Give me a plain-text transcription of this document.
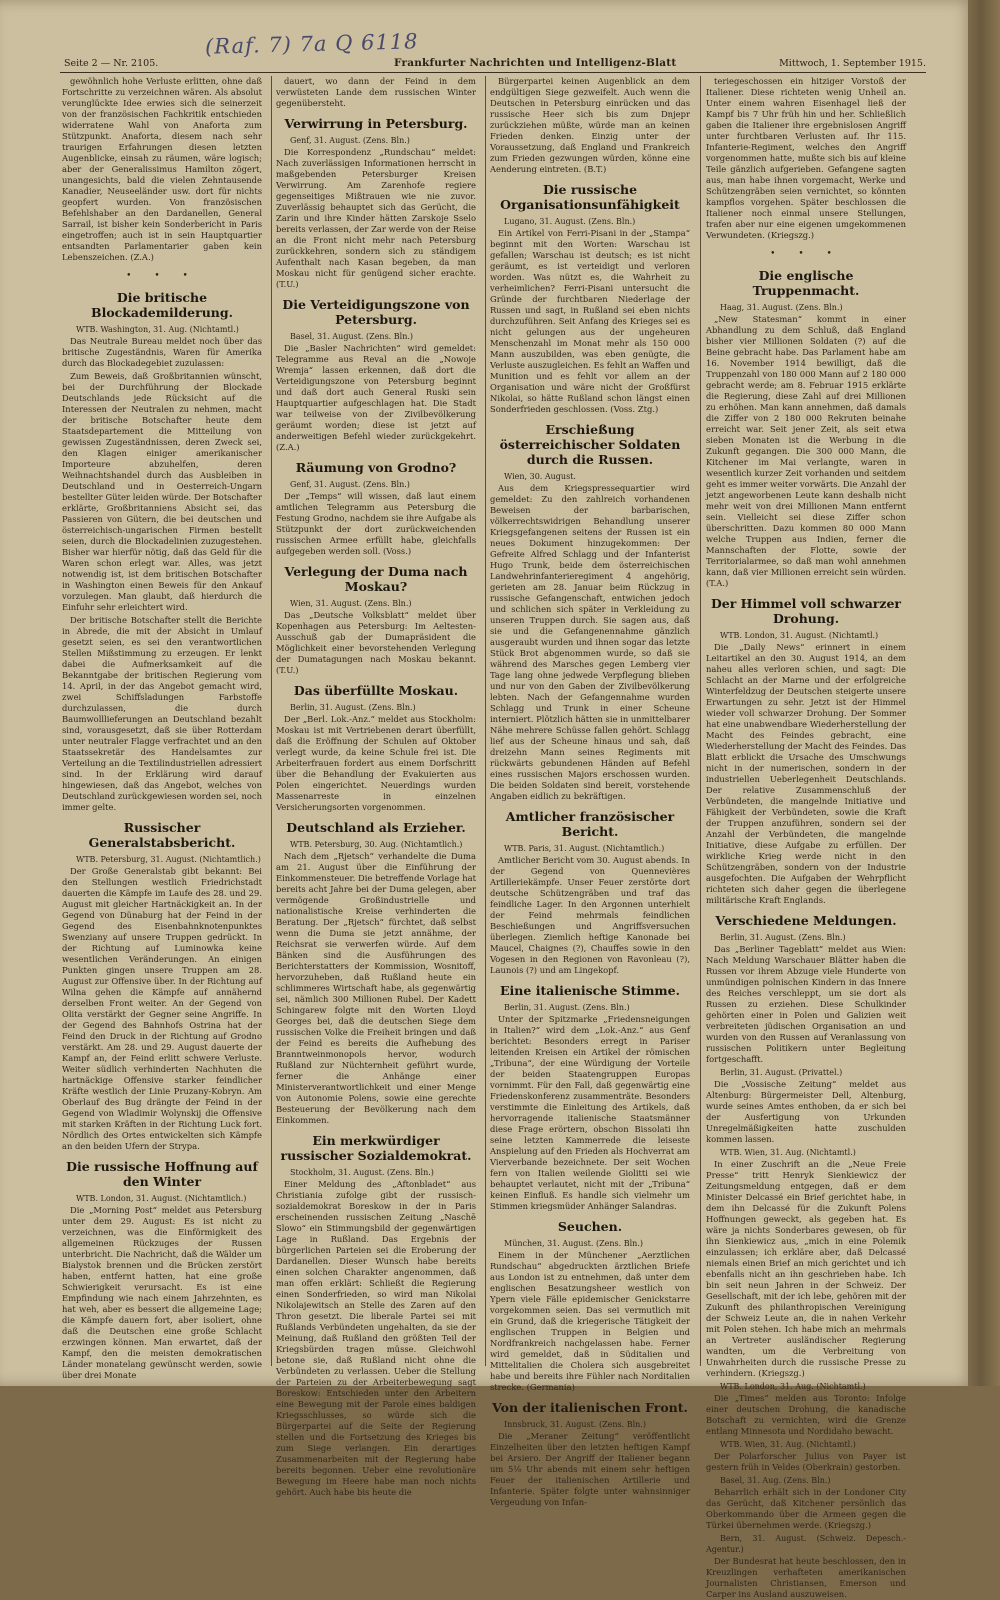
(Raf. 7) 7a Q 6118
Seite 2 — Nr. 2105.	Frankfurter Nachrichten und Intelligenz-Blatt	Mittwoch, 1. September 1915.

gewöhnlich hohe Verluste erlitten, ohne daß Fortschritte zu verzeichnen wären. Als absolut verunglückte Idee erwies sich die seinerzeit von der französischen Fachkritik entschieden widerratene Wahl von Anaforta zum Stützpunkt. Anaforta, diesem nach sehr traurigen Erfahrungen diesen letzten Augenblicke, einsah zu räumen, wäre logisch; aber der Generalissimus Hamilton zögert, unangesichts, bald die vielen Zehntausende Kanadier, Neuseeländer usw. dort für nichts geopfert wurden. Von französischen Befehlshaber an den Dardanellen, General Sarrail, ist bisher kein Sonderbericht in Paris eingetroffen; auch ist in sein Hauptquartier entsandten Parlamentarier gaben kein Lebenszeichen. (Z.A.)

• • •
Die britische Blockademilderung.

WTB. Washington, 31. Aug. (Nichtamtl.)

Das Neutrale Bureau meldet noch über das britische Zugeständnis, Waren für Amerika durch das Blockadegebiet zuzulassen:

Zum Beweis, daß Großbritannien wünscht, bei der Durchführung der Blockade Deutschlands jede Rücksicht auf die Interessen der Neutralen zu nehmen, macht der britische Botschafter heute dem Staatsdepartement die Mitteilung von gewissen Zugeständnissen, deren Zweck sei, den Klagen einiger amerikanischer Importeure abzuhelfen, deren Weihnachtshandel durch das Ausbleiben in Deutschland und in Oesterreich-Ungarn bestellter Güter leiden würde. Der Botschafter erklärte, Großbritanniens Absicht sei, das Passieren von Gütern, die bei deutschen und österreichisch-ungarischen Firmen bestellt seien, durch die Blockadelinien zuzugestehen. Bisher war hierfür nötig, daß das Geld für die Waren schon erlegt war. Alles, was jetzt notwendig ist, ist dem britischen Botschafter in Washington einen Beweis für den Ankauf vorzulegen. Man glaubt, daß hierdurch die Einfuhr sehr erleichtert wird.

Der britische Botschafter stellt die Berichte in Abrede, die mit der Absicht in Umlauf gesetzt seien, es sei den verantwortlichen Stellen Mißstimmung zu erzeugen. Er lenkt dabei die Aufmerksamkeit auf die Bekanntgabe der britischen Regierung vom 14. April, in der das Angebot gemacht wird, zwei Schiffsladungen Farbstoffe durchzulassen, die durch Baumwolllieferungen an Deutschland bezahlt sind, vorausgesetzt, daß sie über Rotterdam unter neutraler Flagge verfrachtet und an den Staatssekretär des Handelsamtes zur Verteilung an die Textilindustriellen adressiert sind. In der Erklärung wird darauf hingewiesen, daß das Angebot, welches von Deutschland zurückgewiesen worden sei, noch immer gelte.

Russischer Generalstabsbericht.

WTB. Petersburg, 31. August. (Nichtamtlich.)

Der Große Generalstab gibt bekannt: Bei den Stellungen westlich Friedrichstadt dauerten die Kämpfe im Laufe des 28. und 29. August mit gleicher Hartnäckigkeit an. In der Gegend von Dünaburg hat der Feind in der Gegend des Eisenbahnknotenpunktes Swenziany auf unsere Truppen gedrückt. In der Richtung auf Luminowka keine wesentlichen Veränderungen. An einigen Punkten gingen unsere Truppen am 28. August zur Offensive über. In der Richtung auf Wilna gehen die Kämpfe auf annähernd derselben Front weiter. An der Gegend von Olita verstärkt der Gegner seine Angriffe. In der Gegend des Bahnhofs Ostrina hat der Feind den Druck in der Richtung auf Grodno verstärkt. Am 28. und 29. August dauerte der Kampf an, der Feind erlitt schwere Verluste. Weiter südlich verhinderten Nachhuten die hartnäckige Offensive starker feindlicher Kräfte westlich der Linie Pruzany-Kobryn. Am Oberlauf des Bug drängte der Feind in der Gegend von Wladimir Wolynskij die Offensive mit starken Kräften in der Richtung Luck fort. Nördlich des Ortes entwickelten sich Kämpfe an den beiden Ufern der Strypa.

Die russische Hoffnung auf den Winter

WTB. London, 31. August. (Nichtamtlich.)

Die „Morning Post“ meldet aus Petersburg unter dem 29. August: Es ist nicht zu verzeichnen, was die Einförmigkeit des allgemeinen Rückzuges der Russen unterbricht. Die Nachricht, daß die Wälder um Bialystok brennen und die Brücken zerstört haben, entfernt hatten, hat eine große Schwierigkeit verursacht. Es ist eine Empfindung wie nach einem Jahrzehnten, es hat weh, aber es bessert die allgemeine Lage; die Kämpfe dauern fort, aber isoliert, ohne daß die Deutschen eine große Schlacht erzwingen können. Man erwartet, daß der Kampf, den die meisten demokratischen Länder monatelang gewünscht werden, sowie über drei Monate

dauert, wo dann der Feind in dem verwüsteten Lande dem russischen Winter gegenübersteht.

Verwirrung in Petersburg.

Genf, 31. August. (Zens. Bln.)

Die Korrespondenz „Rundschau“ meldet: Nach zuverlässigen Informationen herrscht in maßgebenden Petersburger Kreisen Verwirrung. Am Zarenhofe regiere gegenseitiges Mißtrauen wie nie zuvor. Zuverlässig behauptet sich das Gerücht, die Zarin und ihre Kinder hätten Zarskoje Sselo bereits verlassen, der Zar werde von der Reise an die Front nicht mehr nach Petersburg zurückkehren, sondern sich zu ständigem Aufenthalt nach Kasan begeben, da man Moskau nicht für genügend sicher erachte. (T.U.)

Die Verteidigungszone von Petersburg.

Basel, 31. August. (Zens. Bln.)

Die „Basler Nachrichten“ wird gemeldet: Telegramme aus Reval an die „Nowoje Wremja“ lassen erkennen, daß dort die Verteidigungszone von Petersburg beginnt und daß dort auch General Ruski sein Hauptquartier aufgeschlagen hat. Die Stadt war teilweise von der Zivilbevölkerung geräumt worden; diese ist jetzt auf anderweitigen Befehl wieder zurückgekehrt. (Z.A.)

Räumung von Grodno?

Genf, 31. August. (Zens. Bln.)

Der „Temps“ will wissen, daß laut einem amtlichen Telegramm aus Petersburg die Festung Grodno, nachdem sie ihre Aufgabe als Stützpunkt der dort zurückweichenden russischen Armee erfüllt habe, gleichfalls aufgegeben werden soll. (Voss.)

Verlegung der Duma nach Moskau?

Wien, 31. August. (Zens. Bln.)

Das „Deutsche Volksblatt“ meldet über Kopenhagen aus Petersburg: Im Aeltesten-Ausschuß gab der Dumapräsident die Möglichkeit einer bevorstehenden Verlegung der Dumatagungen nach Moskau bekannt. (T.U.)

Das überfüllte Moskau.

Berlin, 31. August. (Zens. Bln.)

Der „Berl. Lok.-Anz.“ meldet aus Stockholm: Moskau ist mit Vertriebenen derart überfüllt, daß die Eröffnung der Schulen auf Oktober verlegt wurde, da keine Schule frei ist. Die Arbeiterfrauen fordert aus einem Dorfschritt über die Behandlung der Evakuierten aus Polen eingerichtet. Neuerdings wurden Massenarreste in einzelnen Versicherungsorten vorgenommen.

Deutschland als Erzieher.

WTB. Petersburg, 30. Aug. (Nichtamtlich.)

Nach dem „Rjetsch“ verhandelte die Duma am 21. August über die Einführung der Einkommensteuer. Die betreffende Vorlage hat bereits acht Jahre bei der Duma gelegen, aber vermögende Großindustrielle und nationalistische Kreise verhinderten die Beratung. Der „Rjetsch“ fürchtet, daß selbst wenn die Duma sie jetzt annähme, der Reichsrat sie verwerfen würde. Auf dem Bänken sind die Ausführungen des Berichterstatters der Kommission, Wosnitoff, hervorzuheben, daß Rußland heute ein schlimmeres Wirtschaft habe, als gegenwärtig sei, nämlich 300 Millionen Rubel. Der Kadett Schingarew folgte mit den Worten Lloyd Georges bei, daß die deutschen Siege dem russischen Volke die Freiheit bringen und daß der Feind es bereits die Aufhebung des Branntweinmonopols hervor, wodurch Rußland zur Nüchternheit geführt wurde, ferner die Anhänge einer Ministerverantwortlichkeit und einer Menge von Autonomie Polens, sowie eine gerechte Besteuerung der Bevölkerung nach dem Einkommen.

Ein merkwürdiger russischer Sozialdemokrat.

Stockholm, 31. August. (Zens. Bln.)

Einer Meldung des „Aftonbladet“ aus Christiania zufolge gibt der russisch-sozialdemokrat Boreskow in der in Paris erscheinenden russischen Zeitung „Naschē Slowo“ ein Stimmungsbild der gegenwärtigen Lage in Rußland. Das Ergebnis der bürgerlichen Parteien sei die Eroberung der Dardanellen. Dieser Wunsch habe bereits einen solchen Charakter angenommen, daß man offen erklärt: Schließt die Regierung einen Sonderfrieden, so wird man Nikolai Nikolajewitsch an Stelle des Zaren auf den Thron gesetzt. Die liberale Partei sei mit Rußlands Verbündeten ungehalten, da sie der Meinung, daß Rußland den größten Teil der Kriegsbürden tragen müsse. Gleichwohl betone sie, daß Rußland nicht ohne die Verbündeten zu verlassen. Ueber die Stellung der Parteien zu der Arbeiterbewegung sagt Boreskow: Entschieden unter den Arbeitern eine Bewegung mit der Parole eines baldigen Kriegsschlusses, so würde sich die Bürgerpartei auf die Seite der Regierung stellen und die Fortsetzung des Krieges bis zum Siege verlangen. Ein derartiges Zusammenarbeiten mit der Regierung habe bereits begonnen. Ueber eine revolutionäre Bewegung im Heere habe man noch nichts gehört. Auch habe bis heute die

Bürgerpartei keinen Augenblick an dem endgültigen Siege gezweifelt. Auch wenn die Deutschen in Petersburg einrücken und das russische Heer sich bis zum Dnjepr zurückziehen müßte, würde man an keinen Frieden denken. Einzig unter der Voraussetzung, daß England und Frankreich zum Frieden gezwungen würden, könne eine Aenderung eintreten. (B.T.)

Die russische Organisationsunfähigkeit

Lugano, 31. August. (Zens. Bln.)

Ein Artikel von Ferri-Pisani in der „Stampa“ beginnt mit den Worten: Warschau ist gefallen; Warschau ist deutsch; es ist nicht geräumt, es ist verteidigt und verloren worden. Was nützt es, die Wahrheit zu verheimlichen? Ferri-Pisani untersucht die Gründe der furchtbaren Niederlage der Russen und sagt, in Rußland sei eben nichts durchzuführen. Seit Anfang des Krieges sei es nicht gelungen aus der ungeheuren Menschenzahl im Monat mehr als 150 000 Mann auszubilden, was eben genügte, die Verluste auszugleichen. Es fehlt an Waffen und Munition und es fehlt vor allem an der Organisation und wäre nicht der Großfürst Nikolai, so hätte Rußland schon längst einen Sonderfrieden geschlossen. (Voss. Ztg.)

Erschießung österreichischer Soldaten durch die Russen.

Wien, 30. August.

Aus dem Kriegspressequartier wird gemeldet: Zu den zahlreich vorhandenen Beweisen der barbarischen, völkerrechtswidrigen Behandlung unserer Kriegsgefangenen seitens der Russen ist ein neues Dokument hinzugekommen: Der Gefreite Alfred Schlagg und der Infanterist Hugo Trunk, beide dem österreichischen Landwehrinfanterieregiment 4 angehörig, gerieten am 28. Januar beim Rückzug in russische Gefangenschaft, entwichen jedoch und schlichen sich später in Verkleidung zu unseren Truppen durch. Sie sagen aus, daß sie und die Gefangenennahme gänzlich ausgeraubt wurden und ihnen sogar das letzte Stück Brot abgenommen wurde, so daß sie während des Marsches gegen Lemberg vier Tage lang ohne jedwede Verpflegung blieben und nur von den Gaben der Zivilbevölkerung lebten. Nach der Gefangennahme wurden Schlagg und Trunk in einer Scheune interniert. Plötzlich hätten sie in unmittelbarer Nähe mehrere Schüsse fallen gehört. Schlagg lief aus der Scheune hinaus und sah, daß dreizehn Mann seines Regiments mit rückwärts gebundenen Händen auf Befehl eines russischen Majors erschossen wurden. Die beiden Soldaten sind bereit, vorstehende Angaben eidlich zu bekräftigen.

Amtlicher französischer Bericht.

WTB. Paris, 31. August. (Nichtamtlich.)

Amtlicher Bericht vom 30. August abends. In der Gegend von Quennevières Artilleriekämpfe. Unser Feuer zerstörte dort deutsche Schützengräben und traf das feindliche Lager. In den Argonnen unterhielt der Feind mehrmals feindlichen Beschießungen und Angriffsversuchen überlegen. Ziemlich heftige Kanonade bei Maucel, Chaignes (?), Chauffes sowie in den Vogesen in den Regionen von Ravonleau (?), Launois (?) und am Lingekopf.

Eine italienische Stimme.

Berlin, 31. August. (Zens. Bln.)

Unter der Spitzmarke „Friedensneigungen in Italien?“ wird dem „Lok.-Anz.“ aus Genf berichtet: Besonders erregt in Pariser leitenden Kreisen ein Artikel der römischen „Tribuna“, der eine Würdigung der Vorteile der beiden Staatengruppen Europas vornimmt. Für den Fall, daß gegenwärtig eine Friedenskonferenz zusammenträte. Besonders verstimmte die Einleitung des Artikels, daß hervorragende italienische Staatsmänner diese Frage erörtern, obschon Bissolati ihn seine letzten Kammerrede die leiseste Anspielung auf den Frieden als Hochverrat am Vierverbande bezeichnete. Der seit Wochen fern von Italien weilende Giolitti sei wie behauptet verlautet, nicht mit der „Tribuna“ keinen Einfluß. Es handle sich vielmehr um Stimmen kriegsmüder Anhänger Salandras.

Seuchen.

München, 31. August. (Zens. Bln.)

Einem in der Münchener „Aerztlichen Rundschau“ abgedruckten ärztlichen Briefe aus London ist zu entnehmen, daß unter dem englischen Besatzungsheer westlich von Ypern viele Fälle epidemischer Genickstarre vorgekommen seien. Das sei vermutlich mit ein Grund, daß die kriegerische Tätigkeit der englischen Truppen in Belgien und Nordfrankreich nachgelassen habe. Ferner wird gemeldet, daß in Süditalien und Mittelitalien die Cholera sich ausgebreitet habe und bereits ihre Fühler nach Norditalien strecke. (Germania)

Von der italienischen Front.

Innsbruck, 31. August. (Zens. Bln.)

Die „Meraner Zeitung“ veröffentlicht Einzelheiten über den letzten heftigen Kampf bei Arsiero. Der Angriff der Italiener begann um 5⅛ Uhr abends mit einem sehr heftigen Feuer der italienischen Artillerie und Infanterie. Später folgte unter wahnsinniger Vergeudung von Infan-

teriegeschossen ein hitziger Vorstoß der Italiener. Diese richteten wenig Unheil an. Unter einem wahren Eisenhagel ließ der Kampf bis 7 Uhr früh hin und her. Schließlich gaben die Italiener ihre ergebnislosen Angriff unter furchtbaren Verlusten auf. Ihr 115. Infanterie-Regiment, welches den Angriff vorgenommen hatte, mußte sich bis auf kleine Teile gänzlich aufgerieben. Gefangene sagten aus, man habe ihnen vorgemacht, Werke und Schützengräben seien vernichtet, so könnten kampflos vorgehen. Später beschlossen die Italiener noch einmal unsere Stellungen, trafen aber nur eine eigenen umgekommenen Verwundeten. (Kriegszg.)

• • •
Die englische Truppenmacht.

Haag, 31. August. (Zens. Bln.)

„New Statesman“ kommt in einer Abhandlung zu dem Schluß, daß England bisher vier Millionen Soldaten (?) auf die Beine gebracht habe. Das Parlament habe am 16. November 1914 bewilligt, daß die Truppenzahl von 180 000 Mann auf 2 180 000 gebracht werde; am 8. Februar 1915 erklärte die Regierung, diese Zahl auf drei Millionen zu erhöhen. Man kann annehmen, daß damals die Ziffer von 2 180 000 Rekruten beinahe erreicht war. Seit jener Zeit, als seit etwa sieben Monaten ist die Werbung in die Zukunft gegangen. Die 300 000 Mann, die Kitchener im Mai verlangte, waren in wesentlich kurzer Zeit vorhanden und seitdem geht es immer weiter vorwärts. Die Anzahl der jetzt angeworbenen Leute kann deshalb nicht mehr weit von drei Millionen Mann entfernt sein. Vielleicht sei diese Ziffer schon überschritten. Dazu kommen 80 000 Mann welche Truppen aus Indien, ferner die Mannschaften der Flotte, sowie der Territorialarmee, so daß man wohl annehmen kann, daß vier Millionen erreicht sein würden. (T.A.)

Der Himmel voll schwarzer Drohung.

WTB. London, 31. August. (Nichtamtl.)

Die „Daily News“ erinnert in einem Leitartikel an den 30. August 1914, an dem naheu alles verloren schien, und sagt: Die Schlacht an der Marne und der erfolgreiche Winterfeldzug der Deutschen steigerte unsere Erwartungen zu sehr. Jetzt ist der Himmel wieder voll schwarzer Drohung. Der Sommer hat eine unabwendbare Wiederherstellung der Macht des Feindes gebracht, eine Wiederherstellung der Macht des Feindes. Das Blatt erblickt die Ursache des Umschwungs nicht in der numerischen, sondern in der industriellen Ueberlegenheit Deutschlands. Der relative Zusammenschluß der Verbündeten, die mangelnde Initiative und Fähigkeit der Verbündeten, sowie die Kraft der Truppen anzuführen, sondern sei der Anzahl der Verbündeten, die mangelnde Initiative, diese Aufgabe zu erfüllen. Der wirkliche Krieg werde nicht in den Schützengräben, sondern von der Industrie ausgefochten. Die Aufgaben der Wehrpflicht richteten sich daher gegen die überlegene militärische Kraft Englands.

Verschiedene Meldungen.

Berlin, 31. August. (Zens. Bln.)

Das „Berliner Tageblatt“ meldet aus Wien: Nach Meldung Warschauer Blätter haben die Russen vor ihrem Abzuge viele Hunderte von unmündigen polnischen Kindern in das Innere des Reiches verschleppt, um sie dort als Russen zu erziehen. Diese Schulkinder gehörten einer in Polen und Galizien weit verbreiteten jüdischen Organisation an und wurden von den Russen auf Veranlassung von russischen Politikern unter Begleitung fortgeschafft.

Berlin, 31. August. (Privattel.)

Die „Vossische Zeitung“ meldet aus Altenburg: Bürgermeister Dell, Altenburg, wurde seines Amtes enthoben, da er sich bei der Ausfertigung von Urkunden Unregelmäßigkeiten hatte zuschulden kommen lassen.

WTB. Wien, 31. Aug. (Nichtamtl.)

In einer Zuschrift an die „Neue Freie Presse“ tritt Henryk Sienkiewicz der Zeitungsmeldung entgegen, daß er dem Minister Delcassé ein Brief gerichtet habe, in dem ihn Delcassé für die Zukunft Polens Hoffnungen geweckt, als gegeben hat. Es wäre ja nichts Sonderbares gewesen, ob für ihn Sienkiewicz aus, „mich in eine Polemik einzulassen; ich erkläre aber, daß Delcassé niemals einen Brief an mich gerichtet und ich ebenfalls nicht an ihn geschrieben habe. Ich bin seit neun Jahren in der Schweiz. Der Gesellschaft, mit der ich lebe, gehören mit der Zukunft des philanthropischen Vereinigung der Schweiz Leute an, die in nahen Verkehr mit Polen stehen. Ich habe mich an mehrmals an Vertreter ausländischer Regierung wandten, um die Verbreitung von Unwahrheiten durch die russische Presse zu verhindern. (Kriegszg.)

WTB. London, 31. Aug. (Nichtamtl.)

Die „Times“ melden aus Toronto: Infolge einer deutschen Drohung, die kanadische Botschaft zu vernichten, wird die Grenze entlang Minnesota und Nordidaho bewacht.

WTB. Wien, 31. Aug. (Nichtamtl.)

Der Polarforscher Julius von Payer ist gestern früh in Veldes (Oberkrain) gestorben.

Basel, 31. Aug. (Zens. Bln.)

Beharrlich erhält sich in der Londoner City das Gerücht, daß Kitchener persönlich das Oberkommando über die Armeen gegen die Türkei übernehmen werde. (Kriegszg.)

Bern, 31. August. (Schweiz. Depesch.-Agentur.)

Der Bundesrat hat heute beschlossen, den in Kreuzlingen verhafteten amerikanischen Journalisten Christiansen, Emerson und Carper ins Ausland auszuweisen.
